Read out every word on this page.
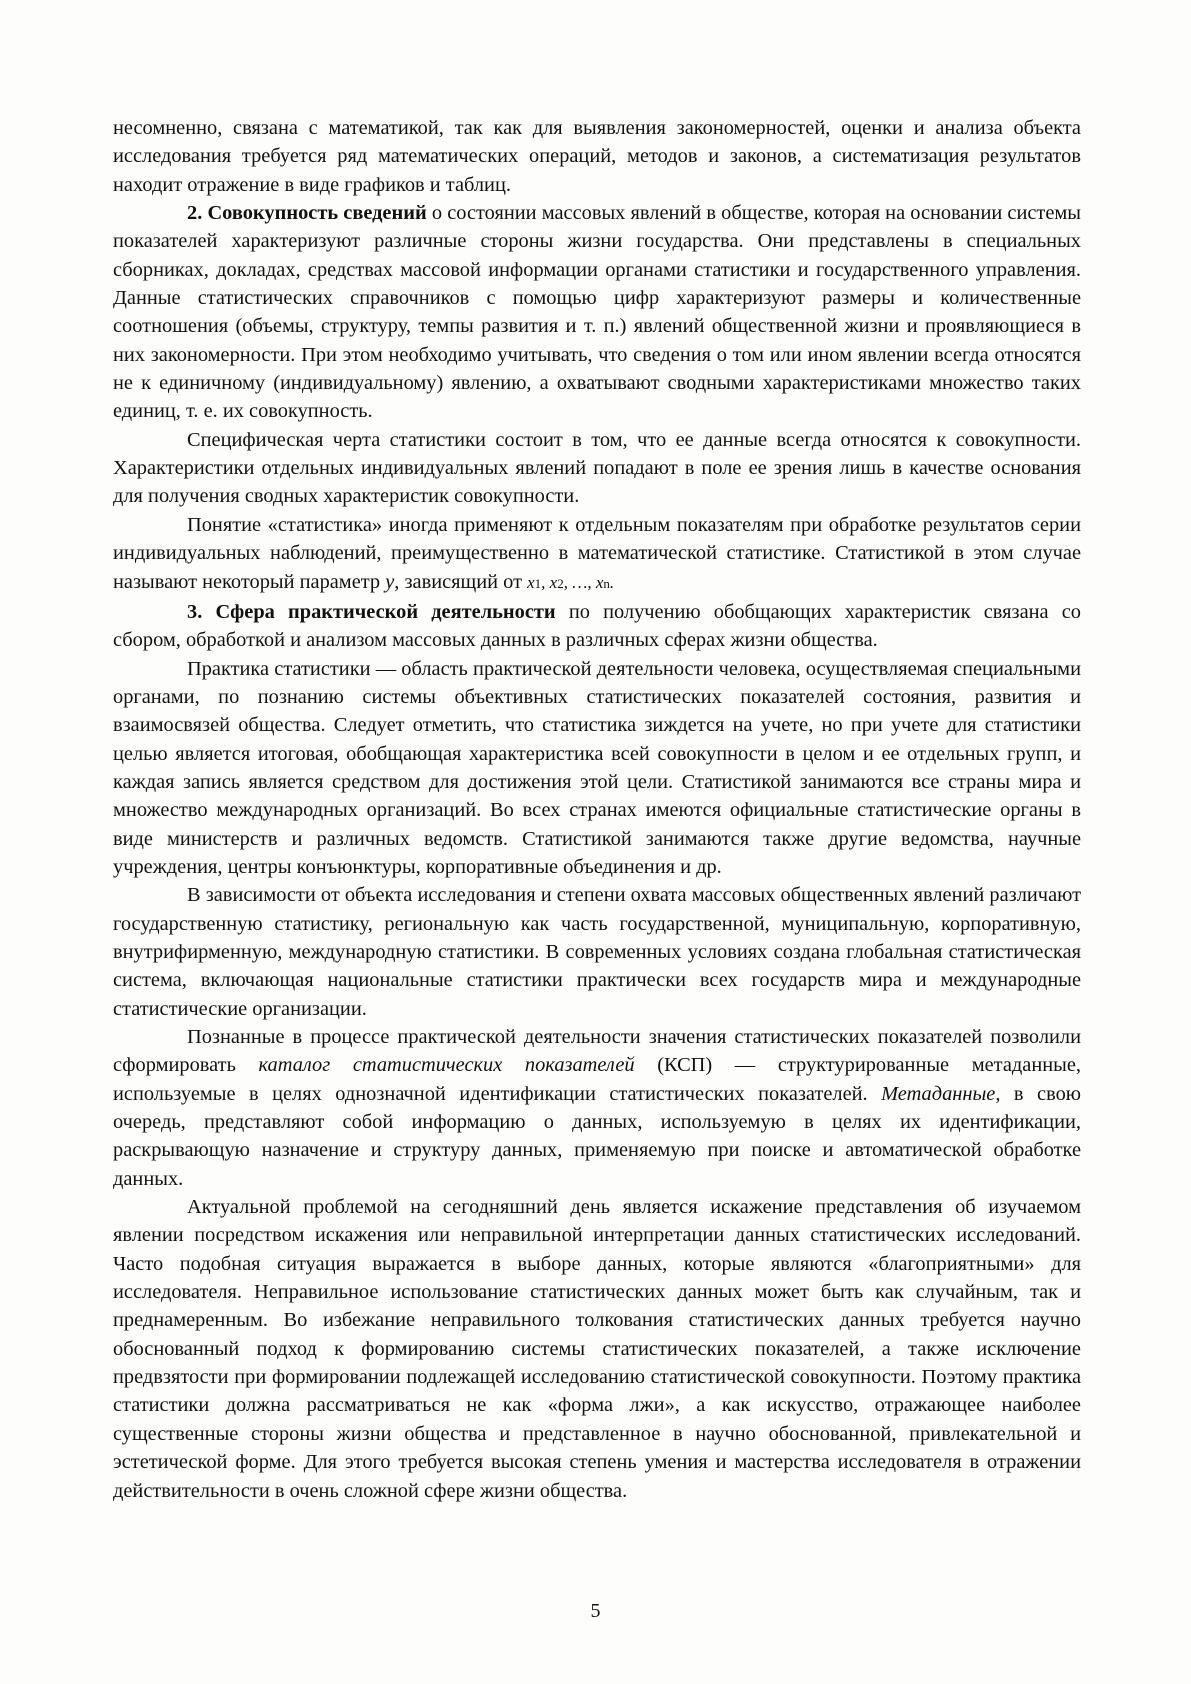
несомненно, связана с математикой, так как для выявления закономерностей, оценки и анализа объекта исследования требуется ряд математических операций, методов и законов, а систематизация результатов находит отражение в виде графиков и таблиц.

2. Совокупность сведений о состоянии массовых явлений в обществе, которая на основании системы показателей характеризуют различные стороны жизни государства. Они представлены в специальных сборниках, докладах, средствах массовой информации органами статистики и государственного управления. Данные статистических справочников с помощью цифр характеризуют размеры и количественные соотношения (объемы, структуру, темпы развития и т. п.) явлений общественной жизни и проявляющиеся в них закономерности. При этом необходимо учитывать, что сведения о том или ином явлении всегда относятся не к единичному (индивидуальному) явлению, а охватывают сводными характеристиками множество таких единиц, т. е. их совокупность.

Специфическая черта статистики состоит в том, что ее данные всегда относятся к совокупности. Характеристики отдельных индивидуальных явлений попадают в поле ее зрения лишь в качестве основания для получения сводных характеристик совокупности.

Понятие «статистика» иногда применяют к отдельным показателям при обработке результатов серии индивидуальных наблюдений, преимущественно в математической статистике. Статистикой в этом случае называют некоторый параметр y, зависящий от x1, x2, …, xn.

3. Сфера практической деятельности по получению обобщающих характеристик связана со сбором, обработкой и анализом массовых данных в различных сферах жизни общества.

Практика статистики — область практической деятельности человека, осуществляемая специальными органами, по познанию системы объективных статистических показателей состояния, развития и взаимосвязей общества. Следует отметить, что статистика зиждется на учете, но при учете для статистики целью является итоговая, обобщающая характеристика всей совокупности в целом и ее отдельных групп, и каждая запись является средством для достижения этой цели. Статистикой занимаются все страны мира и множество международных организаций. Во всех странах имеются официальные статистические органы в виде министерств и различных ведомств. Статистикой занимаются также другие ведомства, научные учреждения, центры конъюнктуры, корпоративные объединения и др.

В зависимости от объекта исследования и степени охвата массовых общественных явлений различают государственную статистику, региональную как часть государственной, муниципальную, корпоративную, внутрифирменную, международную статистики. В современных условиях создана глобальная статистическая система, включающая национальные статистики практически всех государств мира и международные статистические организации.

Познанные в процессе практической деятельности значения статистических показателей позволили сформировать каталог статистических показателей (КСП) — структурированные метаданные, используемые в целях однозначной идентификации статистических показателей. Метаданные, в свою очередь, представляют собой информацию о данных, используемую в целях их идентификации, раскрывающую назначение и структуру данных, применяемую при поиске и автоматической обработке данных.

Актуальной проблемой на сегодняшний день является искажение представления об изучаемом явлении посредством искажения или неправильной интерпретации данных статистических исследований. Часто подобная ситуация выражается в выборе данных, которые являются «благоприятными» для исследователя. Неправильное использование статистических данных может быть как случайным, так и преднамеренным. Во избежание неправильного толкования статистических данных требуется научно обоснованный подход к формированию системы статистических показателей, а также исключение предвзятости при формировании подлежащей исследованию статистической совокупности. Поэтому практика статистики должна рассматриваться не как «форма лжи», а как искусство, отражающее наиболее существенные стороны жизни общества и представленное в научно обоснованной, привлекательной и эстетической форме. Для этого требуется высокая степень умения и мастерства исследователя в отражении действительности в очень сложной сфере жизни общества.

5
